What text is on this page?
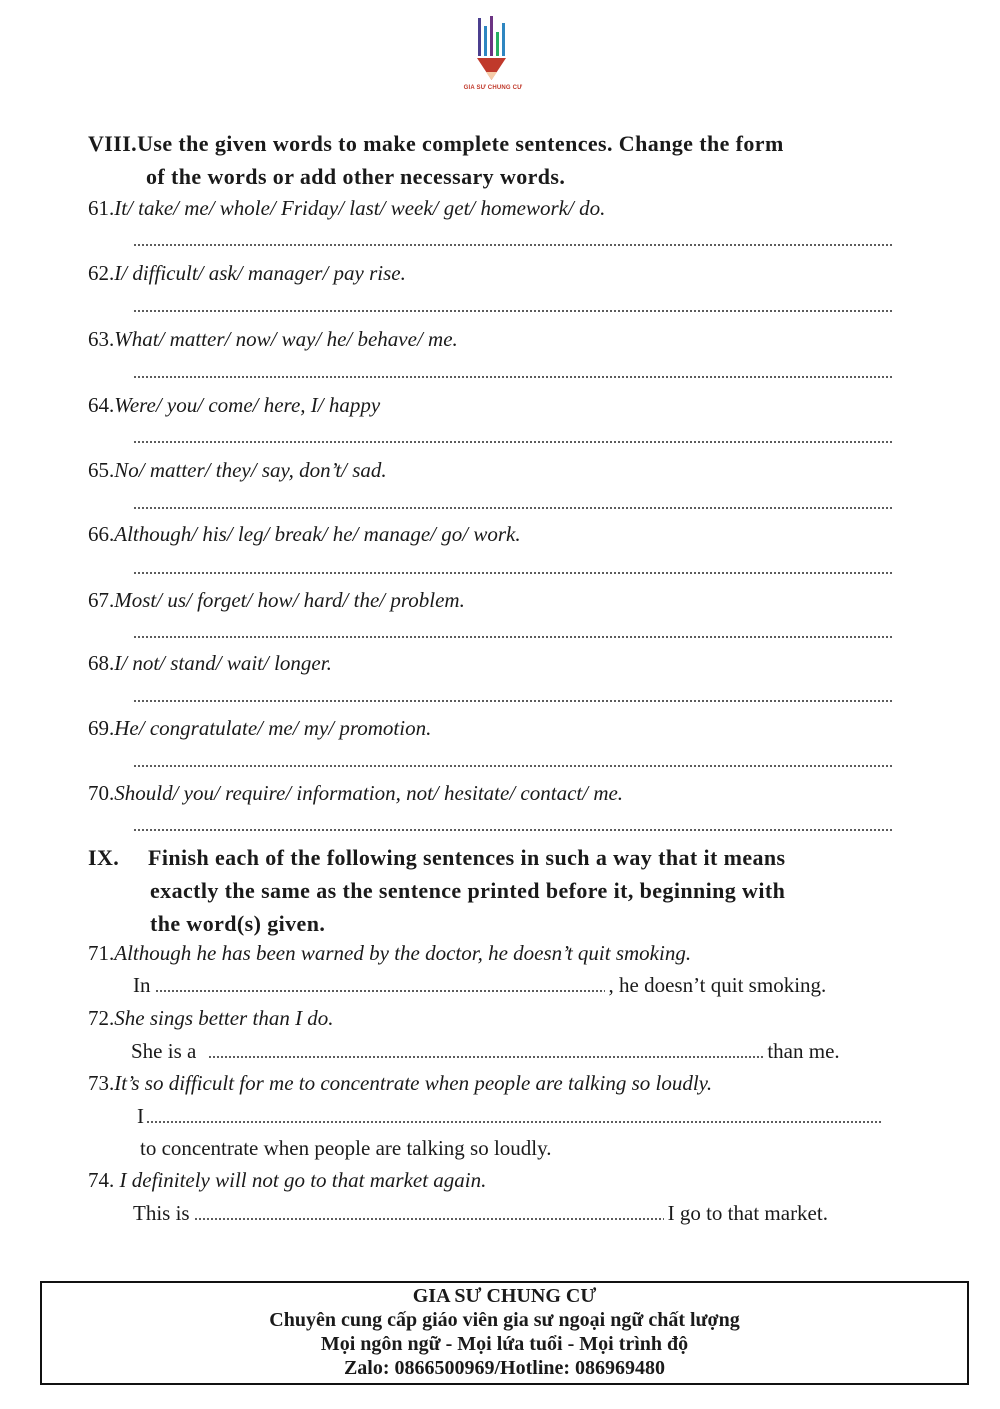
GIA SƯ CHUNG CƯ
VIII.Use the given words to make complete sentences. Change the form
of the words or add other necessary words.
61.It/ take/ me/ whole/ Friday/ last/ week/ get/ homework/ do.
62.I/ difficult/ ask/ manager/ pay rise.
63.What/ matter/ now/ way/ he/ behave/ me.
64.Were/ you/ come/ here, I/ happy
65.No/ matter/ they/ say, don’t/ sad.
66.Although/ his/ leg/ break/ he/ manage/ go/ work.
67.Most/ us/ forget/ how/ hard/ the/ problem.
68.I/ not/ stand/ wait/ longer.
69.He/ congratulate/ me/ my/ promotion.
70.Should/ you/ require/ information, not/ hesitate/ contact/ me.
IX. Finish each of the following sentences in such a way that it means
exactly the same as the sentence printed before it, beginning with
the word(s) given.
71.Although he has been warned by the doctor, he doesn’t quit smoking.
In	, he doesn’t quit smoking.
72.She sings better than I do.
She is a	than me.
73.It’s so difficult for me to concentrate when people are talking so loudly.
I
to concentrate when people are talking so loudly.
74. I definitely will not go to that market again.
This is	I go to that market.
GIA SƯ CHUNG CƯ
Chuyên cung cấp giáo viên gia sư ngoại ngữ chất lượng
Mọi ngôn ngữ - Mọi lứa tuổi - Mọi trình độ
Zalo: 0866500969/Hotline: 086969480
